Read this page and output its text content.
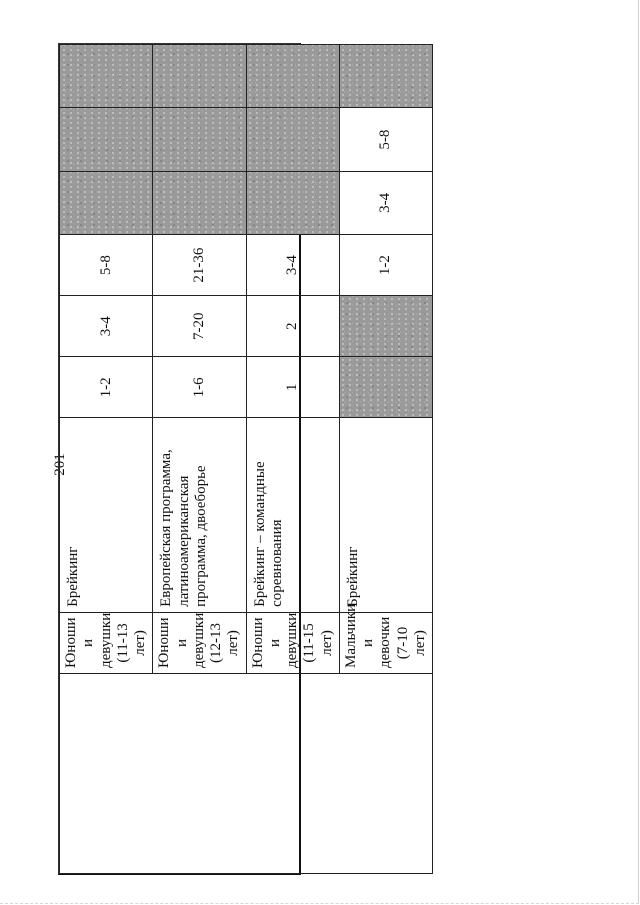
201
	Юноши и девушки (11-13 лет)	Брейкинг	1-2	3-4	5-8			
	Юноши и девушки (12-13 лет)	Европейская программа, латиноамериканская программа, двоеборье	1-6	7-20	21-36			
	Юноши и девушки (11-15 лет)	Брейкинг – командные соревнования	1	2	3-4			
	Мальчики и девочки (7-10 лет)	Брейкинг			1-2	3-4	5-8	
